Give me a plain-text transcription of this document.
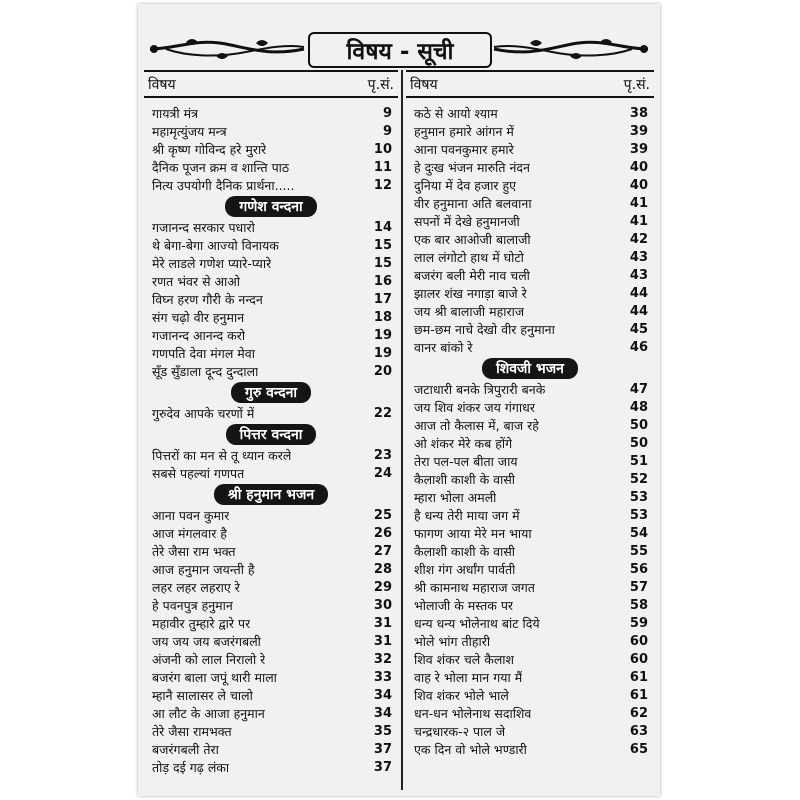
विषय - सूची
विषय	पृ.सं.
गायत्री मंत्र	9
महामृत्युंजय मन्त्र	9
श्री कृष्ण गोविन्द हरे मुरारे	10
दैनिक पूजन क्रम व शान्ति पाठ	11
नित्य उपयोगी दैनिक प्रार्थना.....	12
गणेश वन्दना
गजानन्द सरकार पधारो	14
थे बेगा-बेगा आज्यो विनायक	15
मेरे लाडले गणेश प्यारे-प्यारे	15
रणत भंवर से आओ	16
विघ्न हरण गौरी के नन्दन	17
संग चढ़ो वीर हनुमान	18
गजानन्द आनन्द करो	19
गणपति देवा मंगल मेवा	19
सूँड सुँडाला दून्द दुन्दाला	20
गुरु वन्दना
गुरुदेव आपके चरणों में	22
पित्तर वन्दना
पित्तरों का मन से तू ध्यान करले	23
सबसे पहल्यां गणपत	24
श्री हनुमान भजन
आना पवन कुमार	25
आज मंगलवार है	26
तेरे जैसा राम भक्त	27
आज हनुमान जयन्ती है	28
लहर लहर लहराए रे	29
हे पवनपुत्र हनुमान	30
महावीर तुम्हारे द्वारे पर	31
जय जय जय बजरंगबली	31
अंजनी को लाल निरालो रे	32
बजरंग बाला जपूं थारी माला	33
म्हानै सालासर ले चालो	34
आ लौट के आजा हनुमान	34
तेरे जैसा रामभक्त	35
बजरंगबली तेरा	37
तोड़ दई गढ़ लंका	37
विषय	पृ.सं.
कठे से आयो श्याम	38
हनुमान हमारे आंगन में	39
आना पवनकुमार हमारे	39
हे दुःख भंजन मारुति नंदन	40
दुनिया में देव हजार हुए	40
वीर हनुमाना अति बलवाना	41
सपनों में देखे हनुमानजी	41
एक बार आओजी बालाजी	42
लाल लंगोटो हाथ में घोटो	43
बजरंग बली मेरी नाव चली	43
झालर शंख नगाड़ा बाजे रे	44
जय श्री बालाजी महाराज	44
छम-छम नाचे देखो वीर हनुमाना	45
वानर बांको रे	46
शिवजी भजन
जटाधारी बनके त्रिपुरारी बनके	47
जय शिव शंकर जय गंगाधर	48
आज तो कैलास में, बाज रहे	50
ओ शंकर मेरे कब होंगे	50
तेरा पल-पल बीता जाय	51
कैलाशी काशी के वासी	52
म्हारा भोला अमली	53
है धन्य तेरी माया जग में	53
फागण आया मेरे मन भाया	54
कैलाशी काशी के वासी	55
शीश गंग अर्धांग पार्वती	56
श्री कामनाथ महाराज जगत	57
भोलाजी के मस्तक पर	58
धन्य धन्य भोलेनाथ बांट दिये	59
भोले भांग तीहारी	60
शिव शंकर चले कैलाश	60
वाह रे भोला मान गया मैं	61
शिव शंकर भोले भाले	61
धन-धन भोलेनाथ सदाशिव	62
चन्द्रधारक-२ पाल जे	63
एक दिन वो भोले भण्डारी	65
